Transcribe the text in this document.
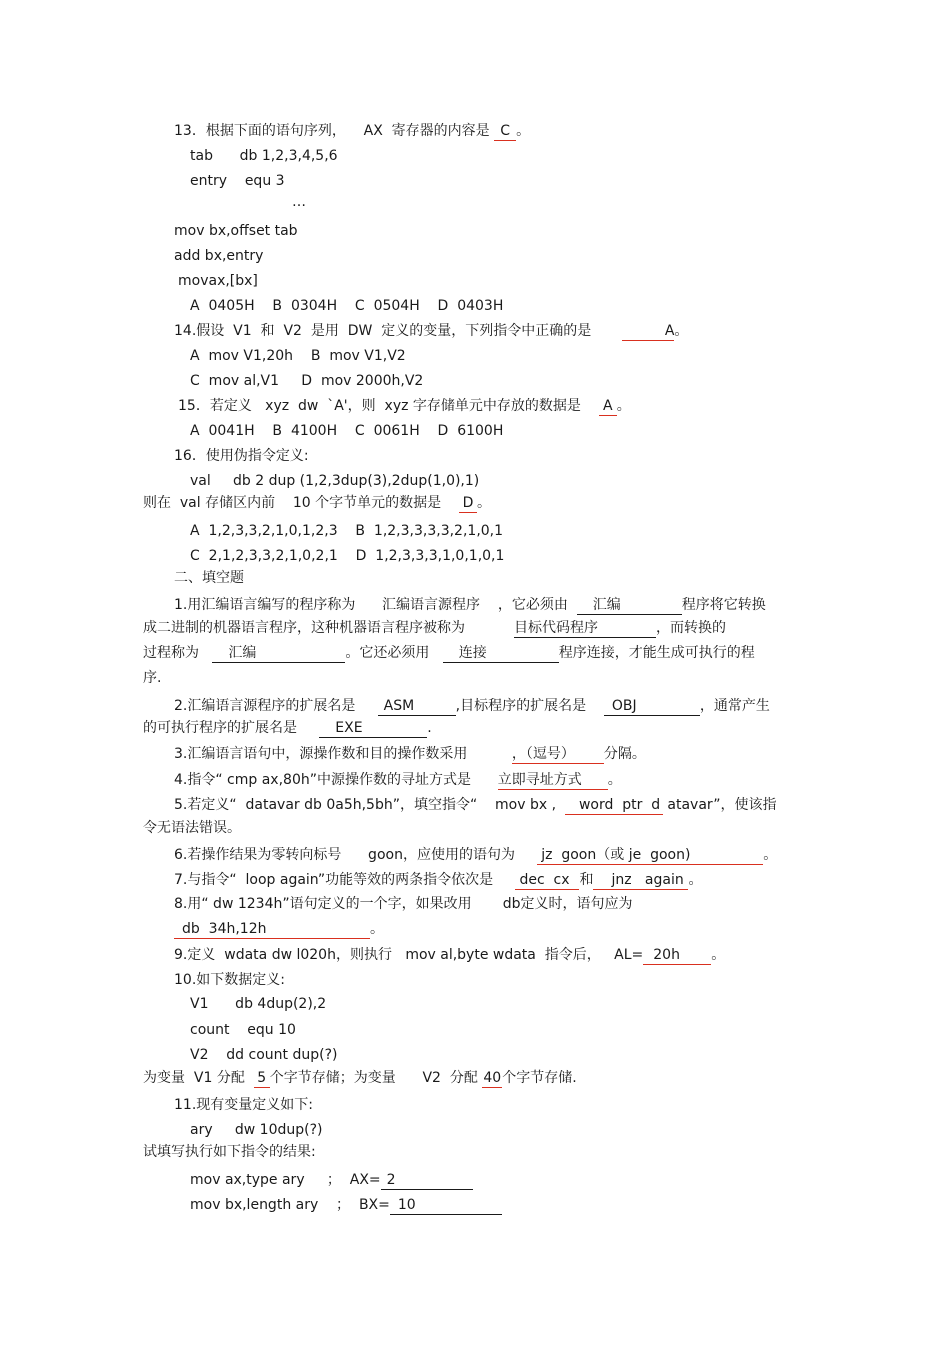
13．根据下面的语句序列，    AX  寄存器的内容是 C 。
tab      db 1,2,3,4,5,6
entry    equ 3
…
mov bx,offset tab
add bx,entry
movax,[bx]
A  0405H    B  0304H    C  0504H    D  0403H
14.假设  V1  和  V2  是用  DW  定义的变量，下列指令中正确的是	A。
A  mov V1,20h    B  mov V1,V2
C  mov al,V1     D  mov 2000h,V2
15．若定义   xyz  dw  `A'，则  xyz 字存储单元中存放的数据是 A 。
A  0041H    B  4100H    C  0061H    D  6100H
16．使用伪指令定义:
val     db 2 dup (1,2,3dup(3),2dup(1,0),1)
则在  val 存储区内前    10 个字节单元的数据是 D 。
A  1,2,3,3,2,1,0,1,2,3    B  1,2,3,3,3,3,2,1,0,1
C  2,1,2,3,3,2,1,0,2,1    D  1,2,3,3,3,1,0,1,0,1
二、填空题
1.用汇编语言编写的程序称为      汇编语言源程序    ，它必须由 汇编	程序将它转换
成二进制的机器语言程序，这种机器语言程序被称为	目标代码程序	，而转换的
过程称为 汇编	。它还必须用 连接	程序连接，才能生成可执行的程
序.
2.汇编语言源程序的扩展名是 ASM	,目标程序的扩展名是 OBJ	，通常产生
的可执行程序的扩展名是	EXE	.
3.汇编语言语句中，源操作数和目的操作数采用	，（逗号） 分隔。
4.指令“ cmp ax,80h”中源操作数的寻址方式是 立即寻址方式 。
5.若定义“  datavar db 0a5h,5bh”，填空指令“    mov bx , word  ptr  d atavar”，使该指
令无语法错误。
6.若操作结果为零转向标号      goon，应使用的语句为 jz  goon（或 je  goon)	。
7.与指令“  loop again”功能等效的两条指令依次是 dec  cx 和 jnz   again 。
8.用“ dw 1234h”语句定义的一个字，如果改用       db定义时，语句应为
db  34h,12h	。
9.定义  wdata dw l020h，则执行   mov al,byte wdata  指令后，   AL= 20h 。
10.如下数据定义:
V1      db 4dup(2),2
count    equ 10
V2    dd count dup(?)
为变量  V1 分配 5 个字节存储；为变量      V2  分配 40个字节存储.
11.现有变量定义如下:
ary     dw 10dup(?)
试填写执行如下指令的结果:
mov ax,type ary     ；  AX= 2
mov bx,length ary    ；  BX= 10
